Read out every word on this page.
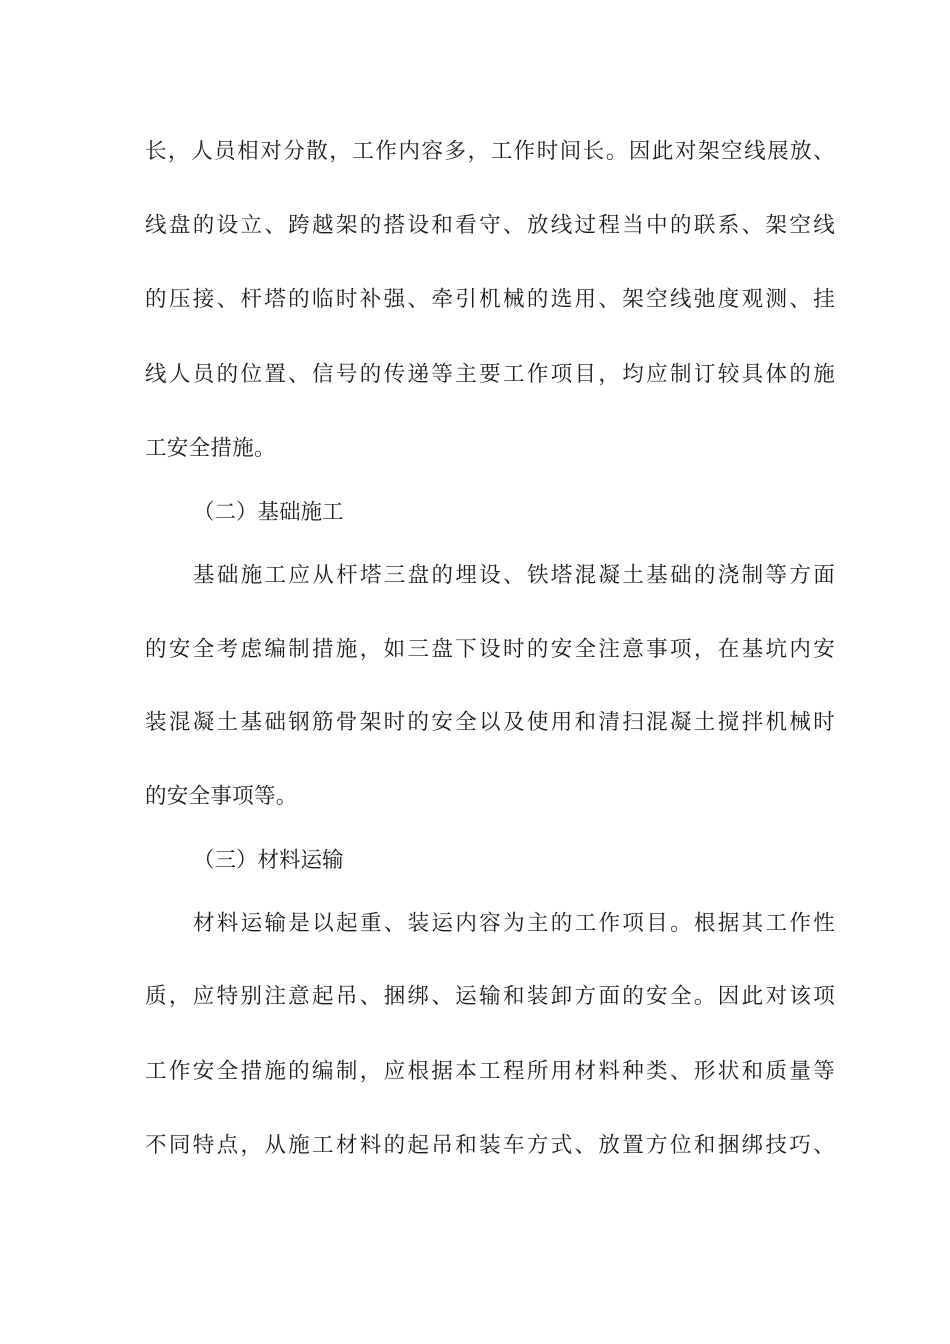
长，人员相对分散，工作内容多，工作时间长。因此对架空线展放、
线盘的设立、跨越架的搭设和看守、放线过程当中的联系、架空线
的压接、杆塔的临时补强、牵引机械的选用、架空线弛度观测、挂
线人员的位置、信号的传递等主要工作项目，均应制订较具体的施
工安全措施。
（二）基础施工
基础施工应从杆塔三盘的埋设、铁塔混凝土基础的浇制等方面
的安全考虑编制措施，如三盘下设时的安全注意事项，在基坑内安
装混凝土基础钢筋骨架时的安全以及使用和清扫混凝土搅拌机械时
的安全事项等。
（三）材料运输
材料运输是以起重、装运内容为主的工作项目。根据其工作性
质，应特别注意起吊、捆绑、运输和装卸方面的安全。因此对该项
工作安全措施的编制，应根据本工程所用材料种类、形状和质量等
不同特点，从施工材料的起吊和装车方式、放置方位和捆绑技巧、
